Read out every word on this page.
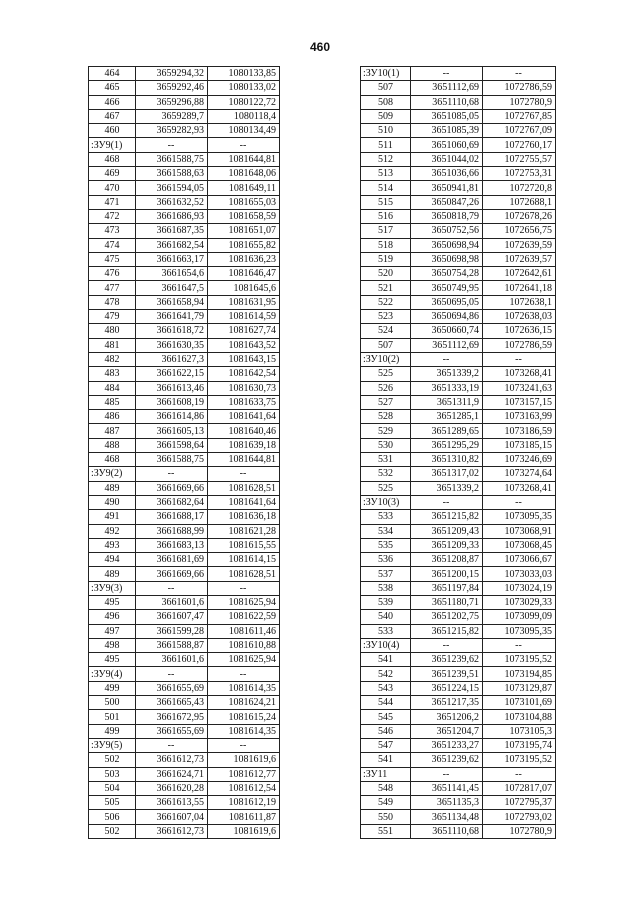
460
464	3659294,32	1080133,85
465	3659292,46	1080133,02
466	3659296,88	1080122,72
467	3659289,7	1080118,4
460	3659282,93	1080134,49
:ЗУ9(1)	--	--
468	3661588,75	1081644,81
469	3661588,63	1081648,06
470	3661594,05	1081649,11
471	3661632,52	1081655,03
472	3661686,93	1081658,59
473	3661687,35	1081651,07
474	3661682,54	1081655,82
475	3661663,17	1081636,23
476	3661654,6	1081646,47
477	3661647,5	1081645,6
478	3661658,94	1081631,95
479	3661641,79	1081614,59
480	3661618,72	1081627,74
481	3661630,35	1081643,52
482	3661627,3	1081643,15
483	3661622,15	1081642,54
484	3661613,46	1081630,73
485	3661608,19	1081633,75
486	3661614,86	1081641,64
487	3661605,13	1081640,46
488	3661598,64	1081639,18
468	3661588,75	1081644,81
:ЗУ9(2)	--	--
489	3661669,66	1081628,51
490	3661682,64	1081641,64
491	3661688,17	1081636,18
492	3661688,99	1081621,28
493	3661683,13	1081615,55
494	3661681,69	1081614,15
489	3661669,66	1081628,51
:ЗУ9(3)	--	--
495	3661601,6	1081625,94
496	3661607,47	1081622,59
497	3661599,28	1081611,46
498	3661588,87	1081610,88
495	3661601,6	1081625,94
:ЗУ9(4)	--	--
499	3661655,69	1081614,35
500	3661665,43	1081624,21
501	3661672,95	1081615,24
499	3661655,69	1081614,35
:ЗУ9(5)	--	--
502	3661612,73	1081619,6
503	3661624,71	1081612,77
504	3661620,28	1081612,54
505	3661613,55	1081612,19
506	3661607,04	1081611,87
502	3661612,73	1081619,6
:ЗУ10(1)	--	--
507	3651112,69	1072786,59
508	3651110,68	1072780,9
509	3651085,05	1072767,85
510	3651085,39	1072767,09
511	3651060,69	1072760,17
512	3651044,02	1072755,57
513	3651036,66	1072753,31
514	3650941,81	1072720,8
515	3650847,26	1072688,1
516	3650818,79	1072678,26
517	3650752,56	1072656,75
518	3650698,94	1072639,59
519	3650698,98	1072639,57
520	3650754,28	1072642,61
521	3650749,95	1072641,18
522	3650695,05	1072638,1
523	3650694,86	1072638,03
524	3650660,74	1072636,15
507	3651112,69	1072786,59
:ЗУ10(2)	--	--
525	3651339,2	1073268,41
526	3651333,19	1073241,63
527	3651311,9	1073157,15
528	3651285,1	1073163,99
529	3651289,65	1073186,59
530	3651295,29	1073185,15
531	3651310,82	1073246,69
532	3651317,02	1073274,64
525	3651339,2	1073268,41
:ЗУ10(3)	--	--
533	3651215,82	1073095,35
534	3651209,43	1073068,91
535	3651209,33	1073068,45
536	3651208,87	1073066,67
537	3651200,15	1073033,03
538	3651197,84	1073024,19
539	3651180,71	1073029,33
540	3651202,75	1073099,09
533	3651215,82	1073095,35
:ЗУ10(4)	--	--
541	3651239,62	1073195,52
542	3651239,51	1073194,85
543	3651224,15	1073129,87
544	3651217,35	1073101,69
545	3651206,2	1073104,88
546	3651204,7	1073105,3
547	3651233,27	1073195,74
541	3651239,62	1073195,52
:ЗУ11	--	--
548	3651141,45	1072817,07
549	3651135,3	1072795,37
550	3651134,48	1072793,02
551	3651110,68	1072780,9
